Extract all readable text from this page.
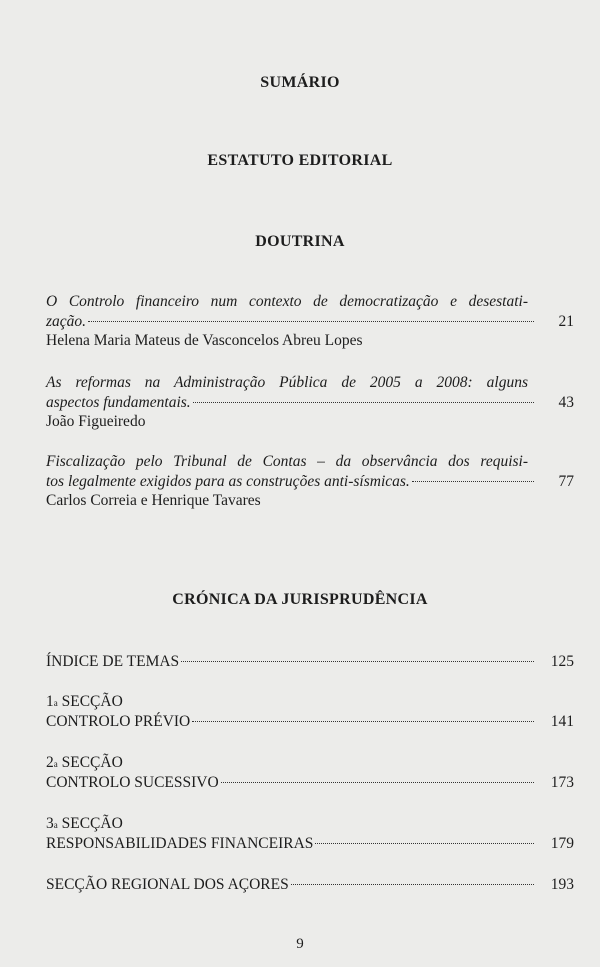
SUMÁRIO
ESTATUTO EDITORIAL
DOUTRINA
O Controlo financeiro num contexto de democratização e desestati-
zação.	21
Helena Maria Mateus de Vasconcelos Abreu Lopes
As reformas na Administração Pública de 2005 a 2008: alguns
aspectos fundamentais.	43
João Figueiredo
Fiscalização pelo Tribunal de Contas – da observância dos requisi-
tos legalmente exigidos para as construções anti-sísmicas.	77
Carlos Correia e Henrique Tavares
CRÓNICA DA JURISPRUDÊNCIA
ÍNDICE DE TEMAS	125
1 a
SECÇÃO
CONTROLO PRÉVIO	141
2 a
SECÇÃO
CONTROLO SUCESSIVO	173
3 a
SECÇÃO
RESPONSABILIDADES FINANCEIRAS	179
SECÇÃO REGIONAL DOS AÇORES	193
9
